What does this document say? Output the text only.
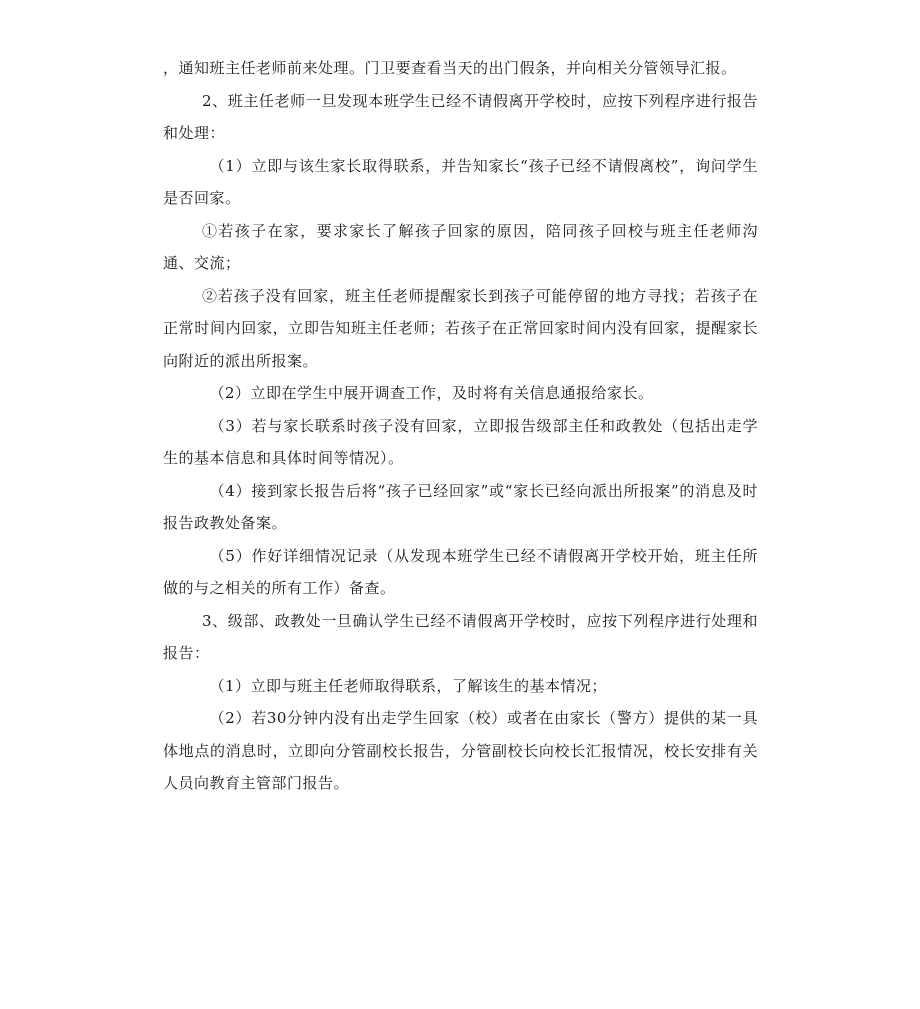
，通知班主任老师前来处理。门卫要查看当天的出门假条，并向相关分管领导汇报。

2、班主任老师一旦发现本班学生已经不请假离开学校时，应按下列程序进行报告和处理：

（1）立即与该生家长取得联系，并告知家长“孩子已经不请假离校”，询问学生是否回家。

①若孩子在家，要求家长了解孩子回家的原因，陪同孩子回校与班主任老师沟通、交流；

②若孩子没有回家，班主任老师提醒家长到孩子可能停留的地方寻找；若孩子在正常时间内回家，立即告知班主任老师；若孩子在正常回家时间内没有回家，提醒家长向附近的派出所报案。

（2）立即在学生中展开调查工作，及时将有关信息通报给家长。

（3）若与家长联系时孩子没有回家，立即报告级部主任和政教处（包括出走学生的基本信息和具体时间等情况）。

（4）接到家长报告后将“孩子已经回家”或“家长已经向派出所报案”的消息及时报告政教处备案。

（5）作好详细情况记录（从发现本班学生已经不请假离开学校开始，班主任所做的与之相关的所有工作）备查。

3、级部、政教处一旦确认学生已经不请假离开学校时，应按下列程序进行处理和报告：

（1）立即与班主任老师取得联系，了解该生的基本情况；

（2）若30分钟内没有出走学生回家（校）或者在由家长（警方）提供的某一具体地点的消息时，立即向分管副校长报告，分管副校长向校长汇报情况，校长安排有关人员向教育主管部门报告。
